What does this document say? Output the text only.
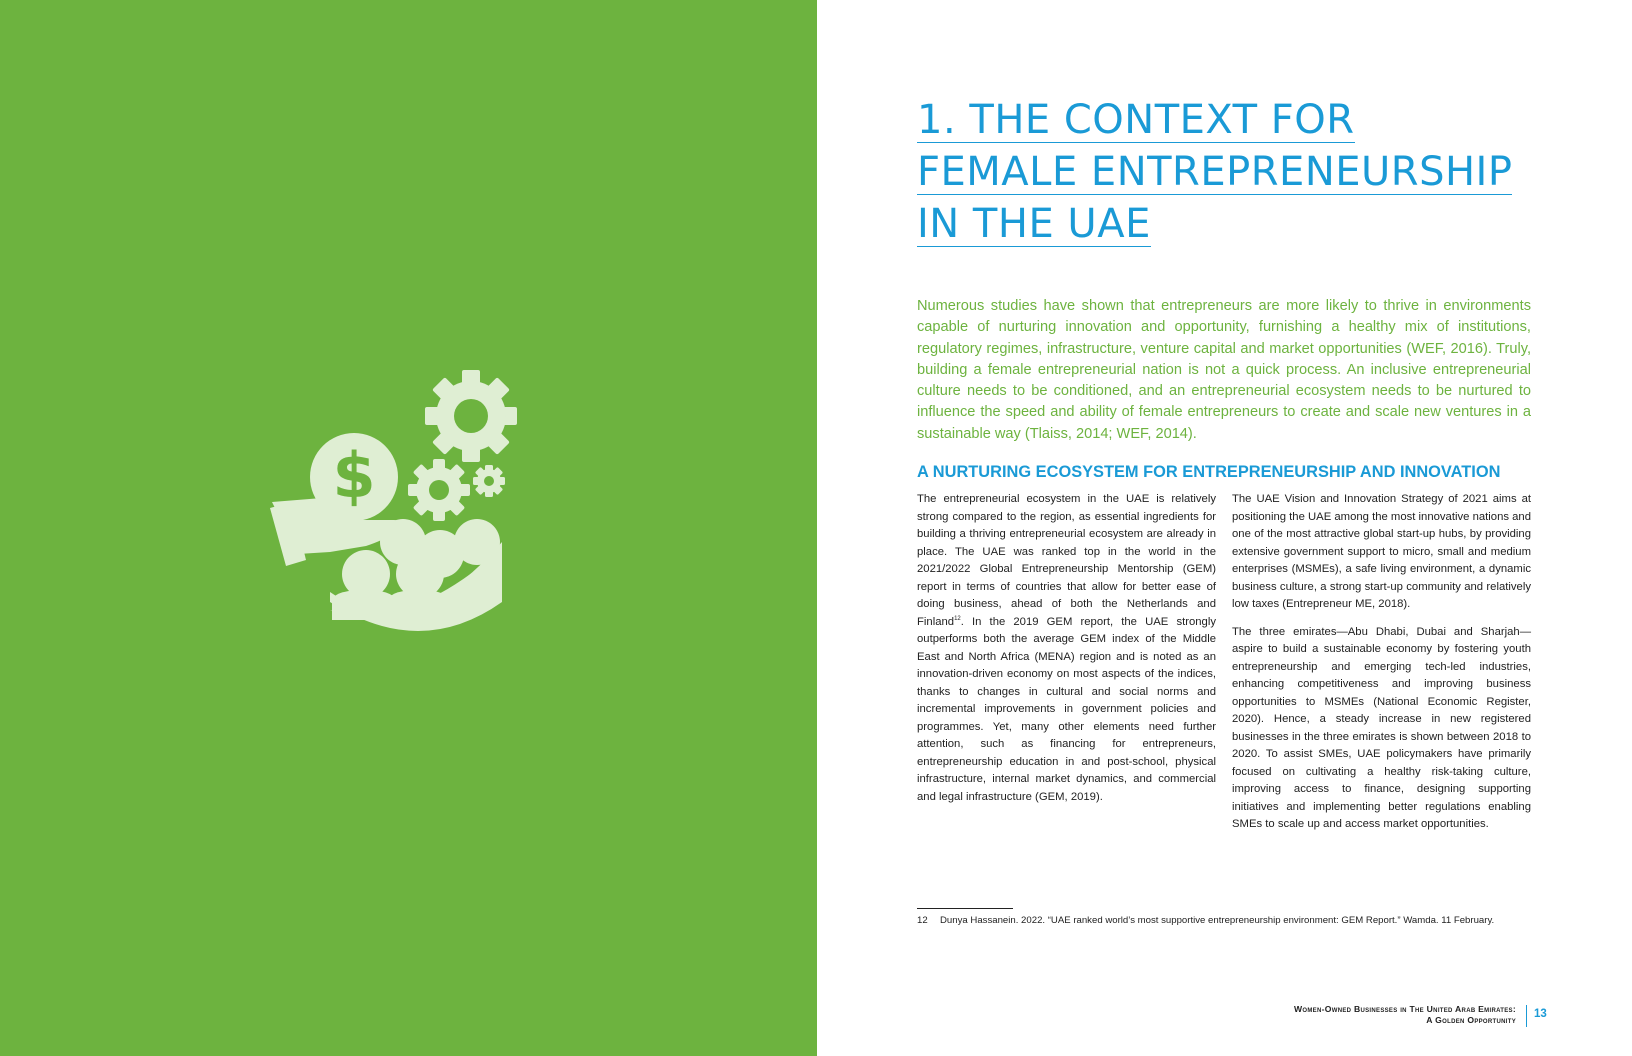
$
1. THE CONTEXT FOR
FEMALE ENTREPRENEURSHIP
IN THE UAE

Numerous studies have shown that entrepreneurs are more likely to thrive in environments capable of nurturing innovation and opportunity, furnishing a healthy mix of institutions, regulatory regimes, infrastructure, venture capital and market opportunities (WEF, 2016). Truly, building a female entrepreneurial nation is not a quick process. An inclusive entrepreneurial culture needs to be conditioned, and an entrepreneurial ecosystem needs to be nurtured to influence the speed and ability of female entrepreneurs to create and scale new ventures in a sustainable way (Tlaiss, 2014; WEF, 2014).

A NURTURING ECOSYSTEM FOR ENTREPRENEURSHIP AND INNOVATION

The entrepreneurial ecosystem in the UAE is relatively strong compared to the region, as essential ingredients for building a thriving entrepreneurial ecosystem are already in place. The UAE was ranked top in the world in the 2021/2022 Global Entrepreneurship Mentorship (GEM) report in terms of countries that allow for better ease of doing business, ahead of both the Netherlands and Finland$^{12}$. In the 2019 GEM report, the UAE strongly outperforms both the average GEM index of the Middle East and North Africa (MENA) region and is noted as an innovation-driven economy on most aspects of the indices, thanks to changes in cultural and social norms and incremental improvements in government policies and programmes. Yet, many other elements need further attention, such as financing for entrepreneurs, entrepreneurship education in and post-school, physical infrastructure, internal market dynamics, and commercial and legal infrastructure (GEM, 2019).

The UAE Vision and Innovation Strategy of 2021 aims at positioning the UAE among the most innovative nations and one of the most attractive global start-up hubs, by providing extensive government support to micro, small and medium enterprises (MSMEs), a safe living environment, a dynamic business culture, a strong start-up community and relatively low taxes (Entrepreneur ME, 2018).

The three emirates—Abu Dhabi, Dubai and Sharjah—aspire to build a sustainable economy by fostering youth entrepreneurship and emerging tech-led industries, enhancing competitiveness and improving business opportunities to MSMEs (National Economic Register, 2020). Hence, a steady increase in new registered businesses in the three emirates is shown between 2018 to 2020. To assist SMEs, UAE policymakers have primarily focused on cultivating a healthy risk-taking culture, improving access to finance, designing supporting initiatives and implementing better regulations enabling SMEs to scale up and access market opportunities.

12 Dunya Hassanein. 2022. “UAE ranked world’s most supportive entrepreneurship environment: GEM Report.” Wamda. 11 February.
Women-Owned Businesses in The United Arab Emirates:
A Golden Opportunity 13
